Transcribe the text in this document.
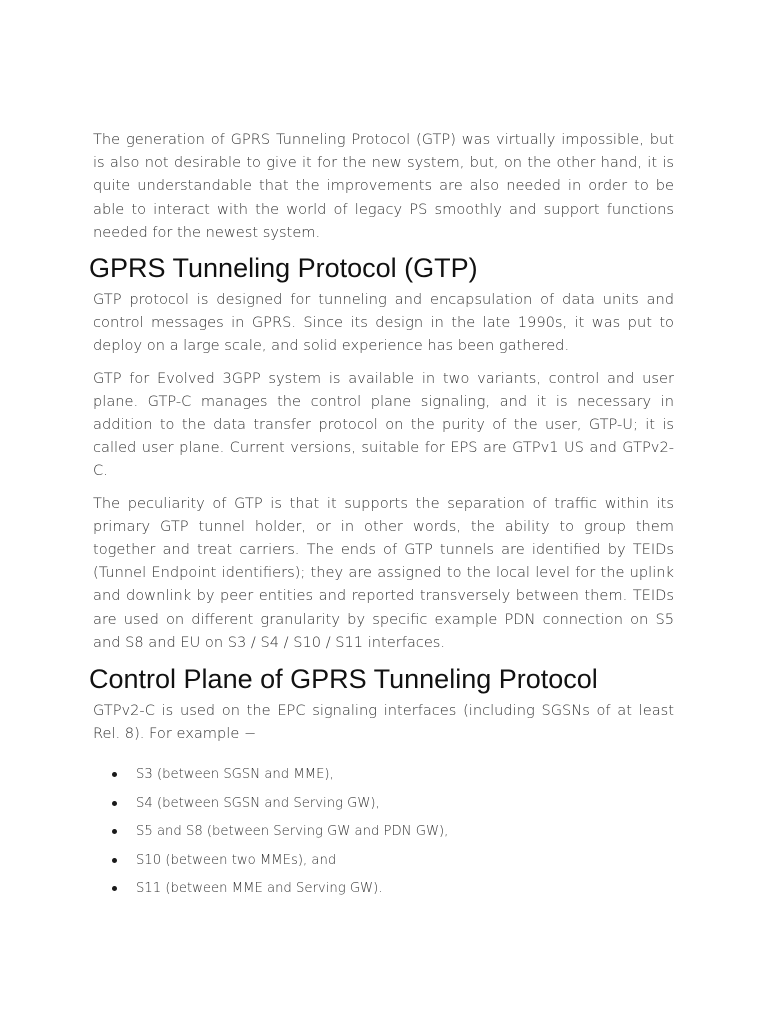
The generation of GPRS Tunneling Protocol (GTP) was virtually impossible, but is also not desirable to give it for the new system, but, on the other hand, it is quite understandable that the improvements are also needed in order to be able to interact with the world of legacy PS smoothly and support functions needed for the newest system.

GPRS Tunneling Protocol (GTP)

GTP protocol is designed for tunneling and encapsulation of data units and control messages in GPRS. Since its design in the late 1990s, it was put to deploy on a large scale, and solid experience has been gathered.

GTP for Evolved 3GPP system is available in two variants, control and user plane. GTP-C manages the control plane signaling, and it is necessary in addition to the data transfer protocol on the purity of the user, GTP-U; it is called user plane. Current versions, suitable for EPS are GTPv1 US and GTPv2-C.

The peculiarity of GTP is that it supports the separation of traffic within its primary GTP tunnel holder, or in other words, the ability to group them together and treat carriers. The ends of GTP tunnels are identified by TEIDs (Tunnel Endpoint identifiers); they are assigned to the local level for the uplink and downlink by peer entities and reported transversely between them. TEIDs are used on different granularity by specific example PDN connection on S5 and S8 and EU on S3 / S4 / S10 / S11 interfaces.

Control Plane of GPRS Tunneling Protocol

GTPv2-C is used on the EPC signaling interfaces (including SGSNs of at least Rel. 8). For example −

S3 (between SGSN and MME),
S4 (between SGSN and Serving GW),
S5 and S8 (between Serving GW and PDN GW),
S10 (between two MMEs), and
S11 (between MME and Serving GW).
